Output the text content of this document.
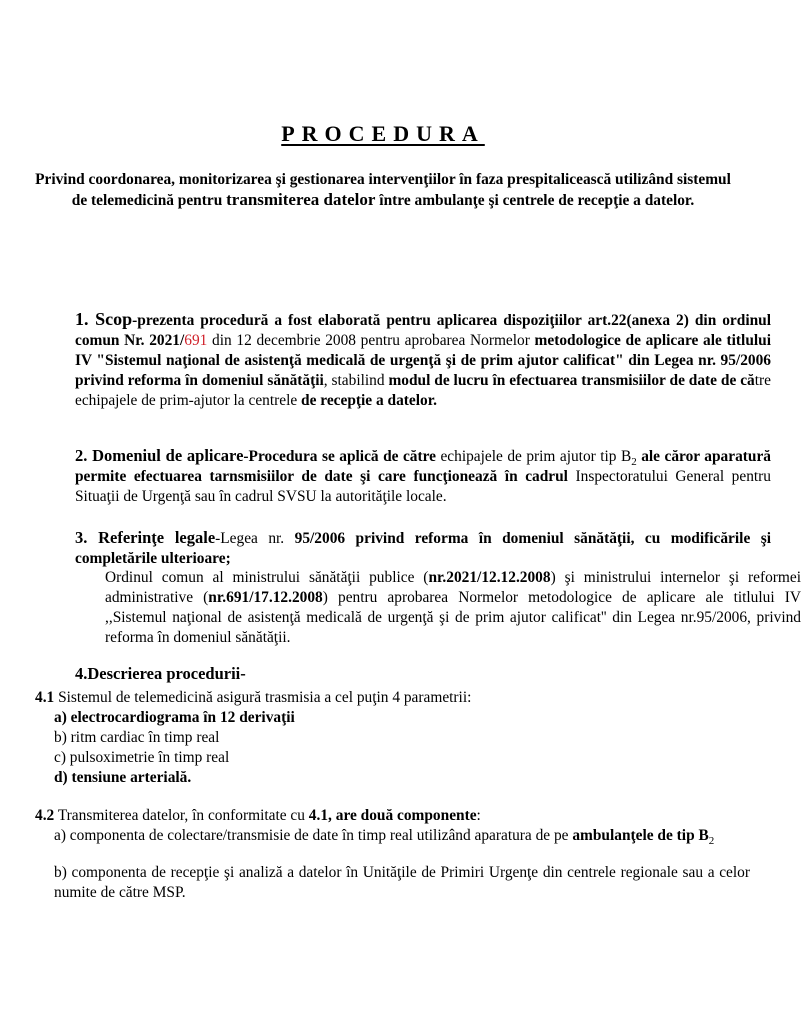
PROCEDURA
Privind coordonarea, monitorizarea şi gestionarea intervenţiilor în faza prespitalicească utilizând sistemul de telemedicină pentru transmiterea datelor între ambulanţe şi centrele de recepţie a datelor.

1. Scop-prezenta procedură a fost elaborată pentru aplicarea dispoziţiilor art.22(anexa 2) din ordinul comun Nr. 2021/691 din 12 decembrie 2008 pentru aprobarea Normelor metodologice de aplicare ale titlului IV "Sistemul naţional de asistenţă medicală de urgenţă şi de prim ajutor calificat" din Legea nr. 95/2006 privind reforma în domeniul sănătăţii, stabilind modul de lucru în efectuarea transmisiilor de date de către echipajele de prim-ajutor la centrele de recepţie a datelor.

2. Domeniul de aplicare-Procedura se aplică de către echipajele de prim ajutor tip $B_2$ ale căror aparatură permite efectuarea tarnsmisiilor de date şi care funcţionează în cadrul Inspectoratului General pentru Situaţii de Urgenţă sau în cadrul SVSU la autorităţile locale.

3. Referinţe legale-Legea nr. 95/2006 privind reforma în domeniul sănătăţii, cu modificările şi completările ulterioare;

Ordinul comun al ministrului sănătăţii publice (nr.2021/12.12.2008) şi ministrului internelor şi reformei administrative (nr.691/17.12.2008) pentru aprobarea Normelor metodologice de aplicare ale titlului IV ,,Sistemul naţional de asistenţă medicală de urgenţă şi de prim ajutor calificat'' din Legea nr.95/2006, privind reforma în domeniul sănătăţii.

4.Descrierea procedurii-

4.1 Sistemul de telemedicină asigură trasmisia a cel puţin 4 parametrii:

a) electrocardiograma în 12 derivaţii

b) ritm cardiac în timp real

c) pulsoximetrie în timp real

d) tensiune arterială.

4.2 Transmiterea datelor, în conformitate cu 4.1, are două componente:

a) componenta de colectare/transmisie de date în timp real utilizând aparatura de pe ambulanţele de tip $B_2$

b) componenta de recepţie şi analiză a datelor în Unităţile de Primiri Urgenţe din centrele regionale sau a celor numite de către MSP.
